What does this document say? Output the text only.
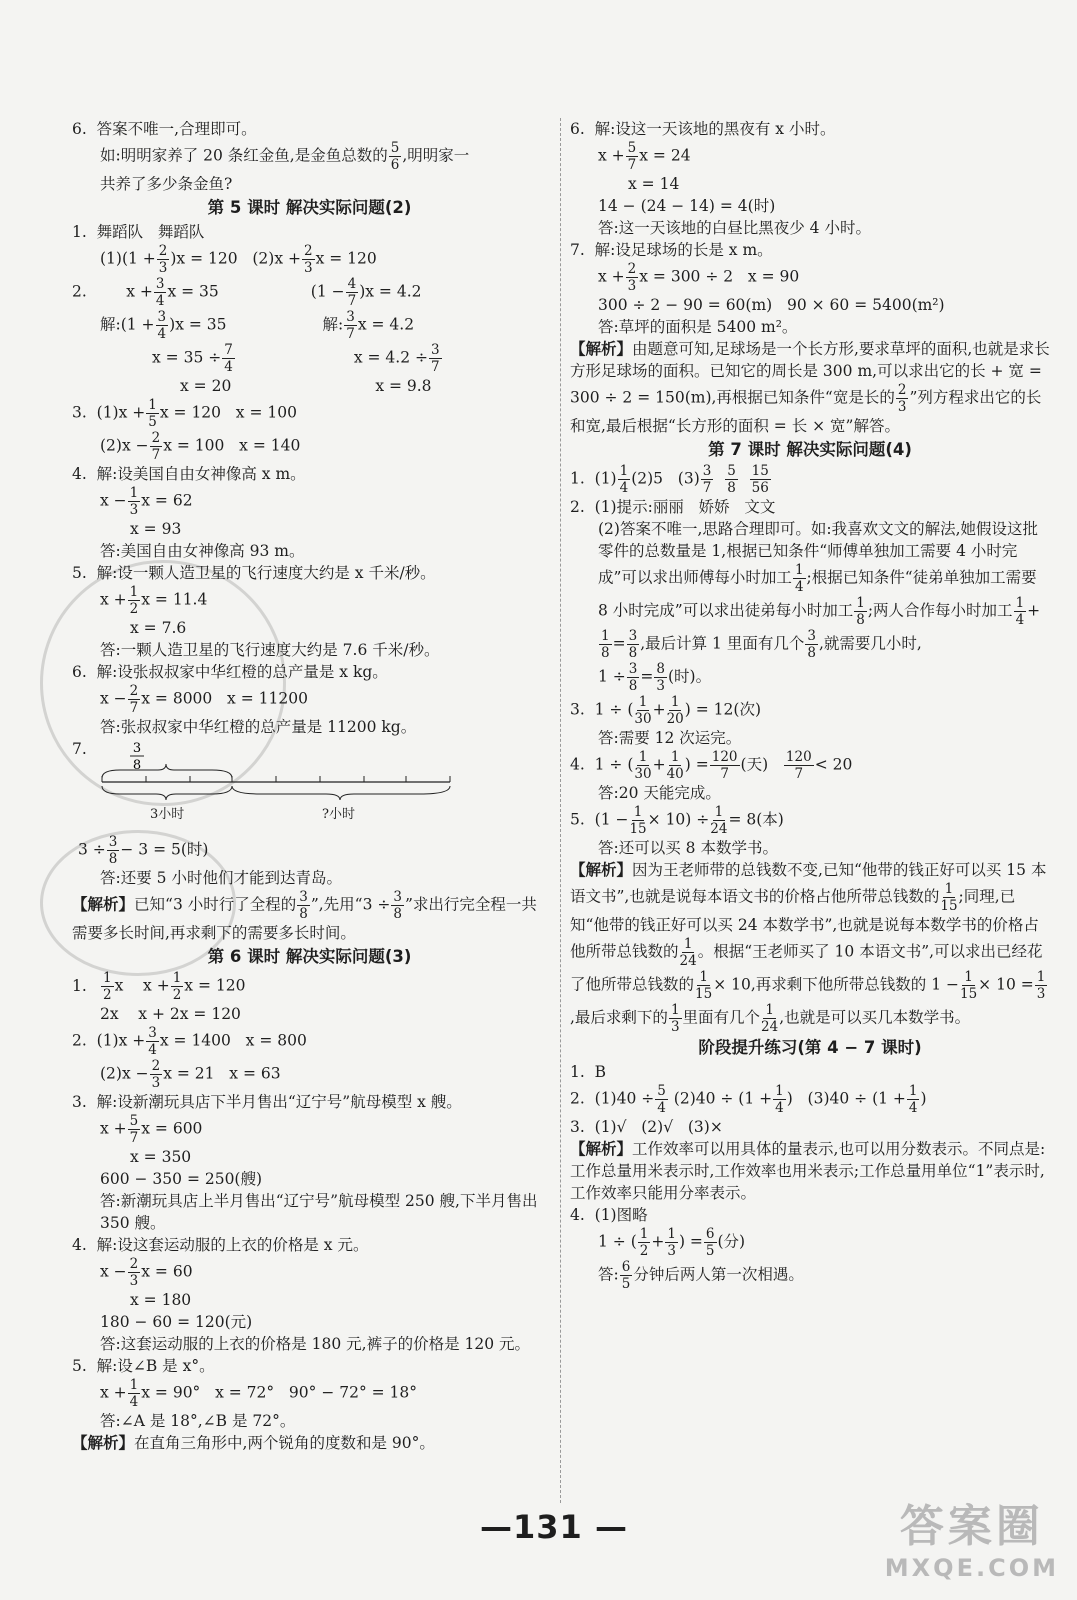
6.  答案不唯一,合理即可。
如:明明家养了 20 条红金鱼,是金鱼总数的 $\frac{5}{6}$ ,明明家一
共养了多少条金鱼?
第 5 课时 解决实际问题(2)
1.  舞蹈队   舞蹈队
$(1)(1 + \frac{2}{3} )x = 120$   $(2)x + \frac{2}{3}$ x = 120
2.        $x + \frac{3}{4}$ x = 35	$(1 - \frac{4}{7} )x = 4.2$
解:(1 + $\frac{3}{4} )x = 35$	解: $\frac{3}{7}$ x = 4.2
$x = 35 \div \frac{7}{4}$	$x = 4.2 \div \frac{3}{7}$
x = 20	x = 9.8
3.  $(1)x + \frac{1}{5}$ x = 120   x = 100
$(2)x - \frac{2}{7}$ x = 100   x = 140
4.  解:设美国自由女神像高 x m。
$x - \frac{1}{3}$ x = 62
x = 93
答:美国自由女神像高 93 m。
5.  解:设一颗人造卫星的飞行速度大约是 x 千米/秒。
$x + \frac{1}{2}$ x = 11.4
x = 7.6
答:一颗人造卫星的飞行速度大约是 7.6 千米/秒。
6.  解:设张叔叔家中华红橙的总产量是 x kg。
$x - \frac{2}{7}$ x = 8000   x = 11200
答:张叔叔家中华红橙的总产量是 11200 kg。
7.	3
8
3小时	?小时
$3 \div \frac{3}{8} - 3 = 5$(时)
答:还要 5 小时他们才能到达青岛。
【解析】已知“3 小时行了全程的 $\frac{3}{8}$ ”,先用“$3 \div \frac{3}{8}$ ”求出行完全程一共需要多长时间,再求剩下的需要多长时间。
第 6 课时 解决实际问题(3)
1. $\frac{1}{2}$ x    $x + \frac{1}{2}$ x = 120
2x    x + 2x = 120
2.  $(1)x + \frac{3}{4}$ x = 1400   x = 800
$(2)x - \frac{2}{3}$ x = 21   x = 63
3.  解:设新潮玩具店下半月售出“辽宁号”航母模型 x 艘。
$x + \frac{5}{7}$ x = 600
x = 350
600 − 350 = 250(艘)
答:新潮玩具店上半月售出“辽宁号”航母模型 250 艘,下半月售出 350 艘。
4.  解:设这套运动服的上衣的价格是 x 元。
$x - \frac{2}{3}$ x = 60
x = 180
180 − 60 = 120(元)
答:这套运动服的上衣的价格是 180 元,裤子的价格是 120 元。
5.  解:设∠B 是 x°。
$x + \frac{1}{4}$ x = 90°   x = 72°   90° − 72° = 18°
答:∠A 是 18°,∠B 是 72°。
【解析】在直角三角形中,两个锐角的度数和是 90°。
6.  解:设这一天该地的黑夜有 x 小时。
$x + \frac{5}{7}$ x = 24
x = 14
14 − (24 − 14) = 4(时)
答:这一天该地的白昼比黑夜少 4 小时。
7.  解:设足球场的长是 x m。
$x + \frac{2}{3}$ x = 300 ÷ 2   x = 90
300 ÷ 2 − 90 = 60(m)   90 × 60 = 5400(m²)
答:草坪的面积是 5400 m²。
【解析】由题意可知,足球场是一个长方形,要求草坪的面积,也就是求长方形足球场的面积。已知它的周长是 300 m,可以求出它的长 + 宽 = 300 ÷ 2 = 150(m),再根据已知条件“宽是长的 $\frac{2}{3}$ ”列方程求出它的长和宽,最后根据“长方形的面积 = 长 × 宽”解答。
第 7 课时 解决实际问题(4)
1.  $(1) \frac{1}{4} (2)5$   $(3) \frac{3}{7}$
$\frac{5}{8}$
$\frac{15}{56}$
2.  (1)提示:丽丽   娇娇   文文
(2)答案不唯一,思路合理即可。如:我喜欢文文的解法,她假设这批零件的总数量是 1,根据已知条件“师傅单独加工需要 4 小时完成”可以求出师傅每小时加工 $\frac{1}{4}$ ;根据已知条件“徒弟单独加工需要 8 小时完成”可以求出徒弟每小时加工 $\frac{1}{8}$ ;两人合作每小时加工 $\frac{1}{4}$ +
$\frac{1}{8} = \frac{3}{8}$ ,最后计算 1 里面有几个 $\frac{3}{8}$ ,就需要几小时,
$1 \div \frac{3}{8} = \frac{8}{3}$ (时)。
3.  1 ÷ ( $\frac{1}{30} + \frac{1}{20}$ ) = 12(次)
答:需要 12 次运完。
4.  1 ÷ ( $\frac{1}{30} + \frac{1}{40}$ ) = $\frac{120}{7}$ (天) $\frac{120}{7} < 20$
答:20 天能完成。
5.  $(1 - \frac{1}{15} \times 10) \div \frac{1}{24} = 8$(本)
答:还可以买 8 本数学书。
【解析】因为王老师带的总钱数不变,已知“他带的钱正好可以买 15 本语文书”,也就是说每本语文书的价格占他所带总钱数的 $\frac{1}{15}$ ;同理,已知“他带的钱正好可以买 24 本数学书”,也就是说每本数学书的价格占他所带总钱数的 $\frac{1}{24}$ 。根据“王老师买了 10 本语文书”,可以求出已经花了他所带总钱数的 $\frac{1}{15} \times 10$,再求剩下他所带总钱数的 $1 - \frac{1}{15} \times 10 = \frac{1}{3}$
,最后求剩下的 $\frac{1}{3}$ 里面有几个 $\frac{1}{24}$ ,也就是可以买几本数学书。
阶段提升练习(第 4 − 7 课时)
1.  B
2.  $(1)40 \div \frac{5}{4} (2)40 \div (1 + \frac{1}{4}$ )   $(3)40 \div (1 + \frac{1}{4}$ )
3.  (1)√   (2)√   (3)×
【解析】工作效率可以用具体的量表示,也可以用分数表示。不同点是:工作总量用米表示时,工作效率也用米表示;工作总量用单位“1”表示时,工作效率只能用分率表示。
4.  (1)图略
1 ÷ ( $\frac{1}{2} + \frac{1}{3}$ ) = $\frac{6}{5}$ (分)
答: $\frac{6}{5}$ 分钟后两人第一次相遇。
—131 —	答案圈
MXQE.COM
